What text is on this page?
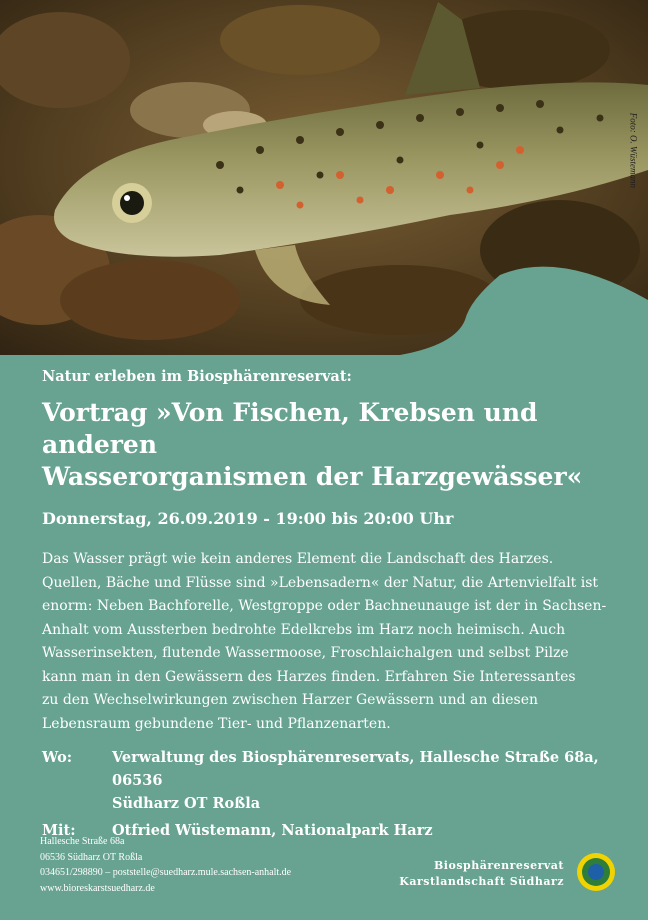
Foto: O. Wüstemann
Natur erleben im Biosphärenreservat:
Vortrag »Von Fischen, Krebsen und anderen
Wasserorganismen der Harzgewässer«
Donnerstag, 26.09.2019 - 19:00 bis 20:00 Uhr
Das Wasser prägt wie kein anderes Element die Landschaft des Harzes.
Quellen, Bäche und Flüsse sind »Lebensadern« der Natur, die Artenvielfalt ist
enorm: Neben Bachforelle, Westgroppe oder Bachneunauge ist der in Sachsen-
Anhalt vom Aussterben bedrohte Edelkrebs im Harz noch heimisch. Auch
Wasserinsekten, flutende Wassermoose, Froschlaichalgen und selbst Pilze
kann man in den Gewässern des Harzes finden. Erfahren Sie Interessantes
zu den Wechselwirkungen zwischen Harzer Gewässern und an diesen
Lebensraum gebundene Tier- und Pflanzenarten.
Wo:	Verwaltung des Biosphärenreservats, Hallesche Straße 68a, 06536
Südharz OT Roßla
Mit:	Otfried Wüstemann, Nationalpark Harz
Hallesche Straße 68a
06536 Südharz OT Roßla
034651/298890 – poststelle@suedharz.mule.sachsen-anhalt.de
www.bioreskarstsuedharz.de
Biosphärenreservat
Karstlandschaft Südharz
